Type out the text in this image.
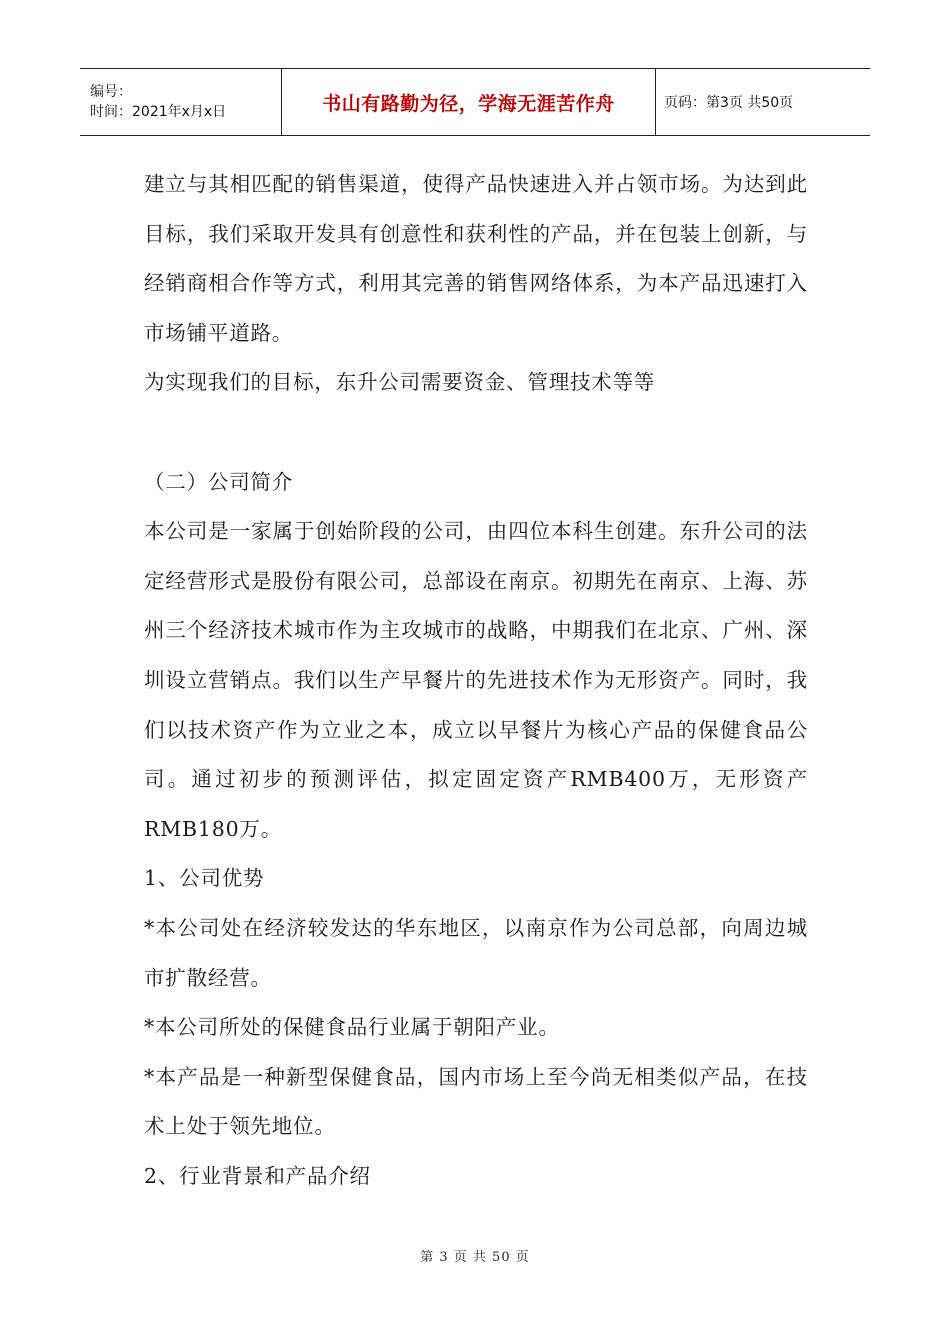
编号：
时间：2021年x月x日	书山有路勤为径，学海无涯苦作舟	页码：第3页 共50页

建立与其相匹配的销售渠道，使得产品快速进入并占领市场。为达到此目标，我们采取开发具有创意性和获利性的产品，并在包装上创新，与经销商相合作等方式，利用其完善的销售网络体系，为本产品迅速打入市场铺平道路。

为实现我们的目标，东升公司需要资金、管理技术等等

（二）公司简介

本公司是一家属于创始阶段的公司，由四位本科生创建。东升公司的法定经营形式是股份有限公司，总部设在南京。初期先在南京、上海、苏州三个经济技术城市作为主攻城市的战略，中期我们在北京、广州、深圳设立营销点。我们以生产早餐片的先进技术作为无形资产。同时，我们以技术资产作为立业之本，成立以早餐片为核心产品的保健食品公司。通过初步的预测评估，拟定固定资产RMB400万，无形资产RMB180万。

1、公司优势

*本公司处在经济较发达的华东地区，以南京作为公司总部，向周边城市扩散经营。

*本公司所处的保健食品行业属于朝阳产业。

*本产品是一种新型保健食品，国内市场上至今尚无相类似产品，在技术上处于领先地位。

2、行业背景和产品介绍

第 3 页 共 50 页
